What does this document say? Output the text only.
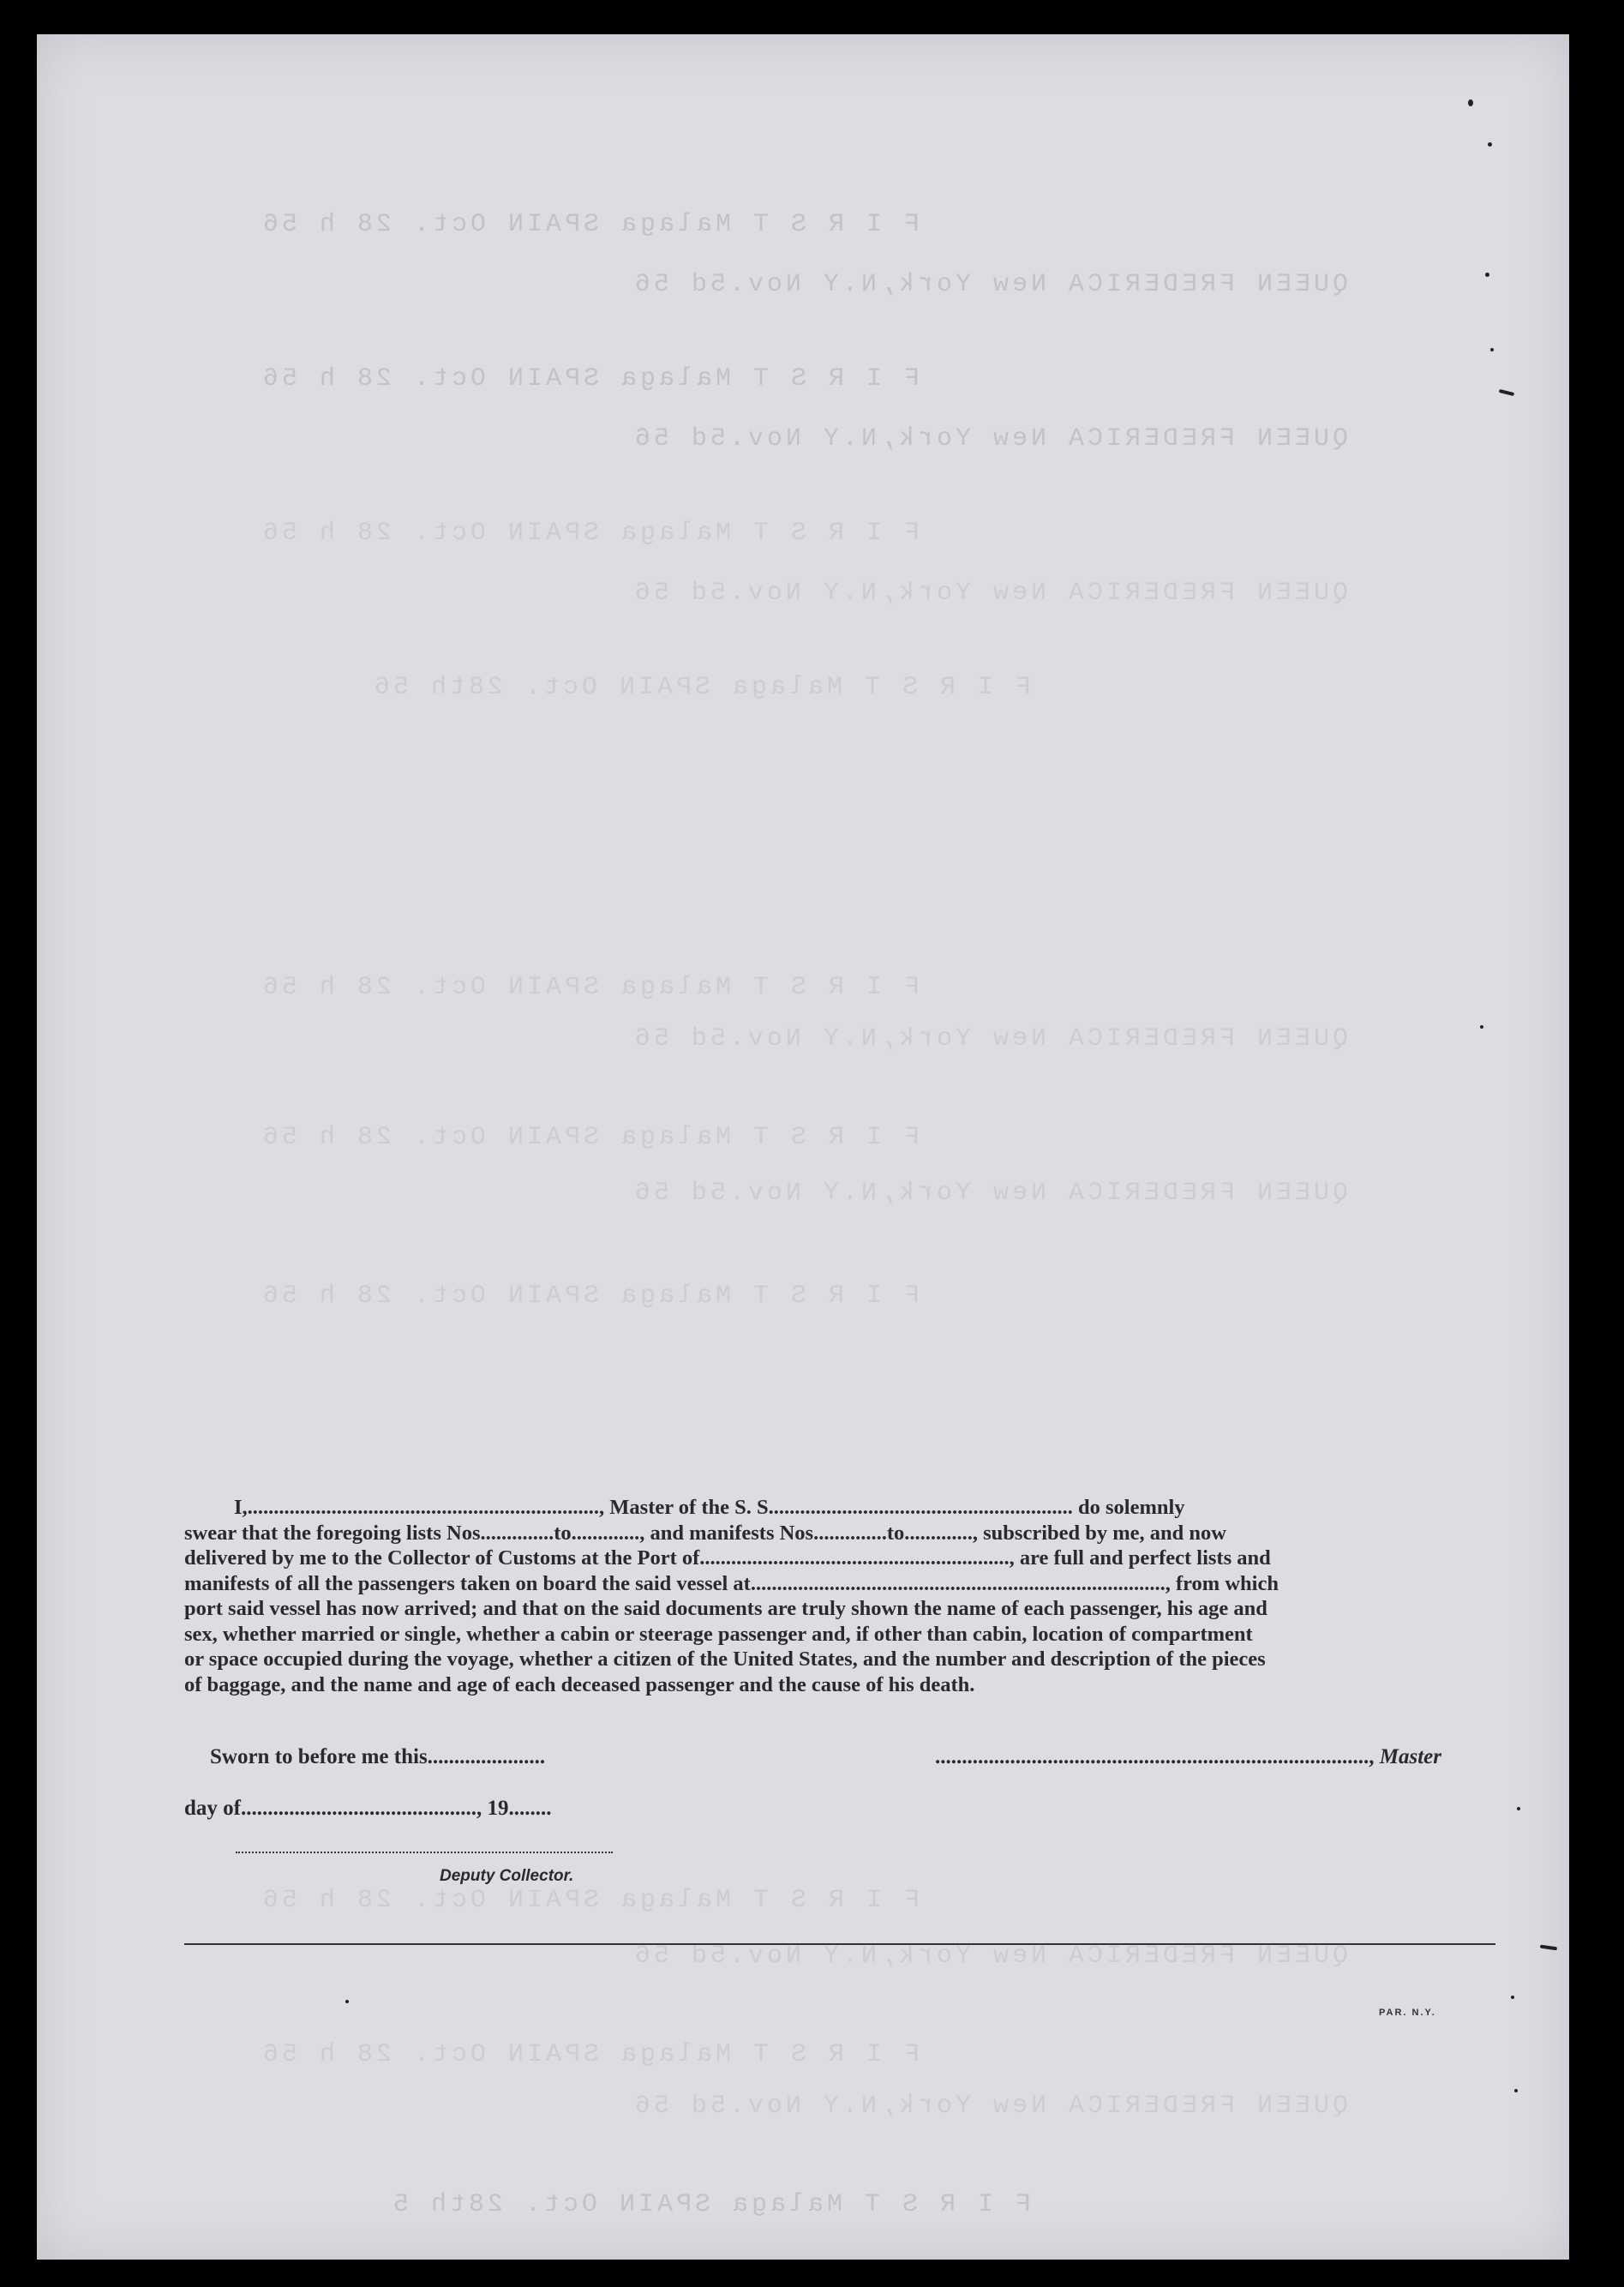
F I R S T Malaga SPAIN Oct. 28 h 56
QUEEN FREDERICA New York,N.Y Nov.5d 56
F I R S T Malaga SPAIN Oct. 28 h 56
QUEEN FREDERICA New York,N.Y Nov.5d 56
F I R S T Malaga SPAIN Oct. 28 h 56
QUEEN FREDERICA New York,N.Y Nov.5d 56
F I R S T Malaga SPAIN Oct. 28th 56
F I R S T Malaga SPAIN Oct. 28 h 56
QUEEN FREDERICA New York,N.Y Nov.5d 56
F I R S T Malaga SPAIN Oct. 28 h 56
QUEEN FREDERICA New York,N.Y Nov.5d 56
F I R S T Malaga SPAIN Oct. 28 h 56
F I R S T Malaga SPAIN Oct. 28 h 56
QUEEN FREDERICA New York,N.Y Nov.5d 56
F I R S T Malaga SPAIN Oct. 28 h 56
QUEEN FREDERICA New York,N.Y Nov.5d 56
F I R S T Malaga SPAIN Oct. 28th 5

I,..................................................................., Master of the S. S.......................................................... do solemnly

swear that the foregoing lists Nos..............to............., and manifests Nos..............to............., subscribed by me, and now

delivered by me to the Collector of Customs at the Port of..........................................................., are full and perfect lists and

manifests of all the passengers taken on board the said vessel at..............................................................................., from which

port said vessel has now arrived; and that on the said documents are truly shown the name of each passenger, his age and

sex, whether married or single, whether a cabin or steerage passenger and, if other than cabin, location of compartment

or space occupied during the voyage, whether a citizen of the United States, and the number and description of the pieces

of baggage, and the name and age of each deceased passenger and the cause of his death.

Sworn to before me this......................	................................................................................., Master
day of............................................, 19........
Deputy Collector.
PAR. N.Y.
